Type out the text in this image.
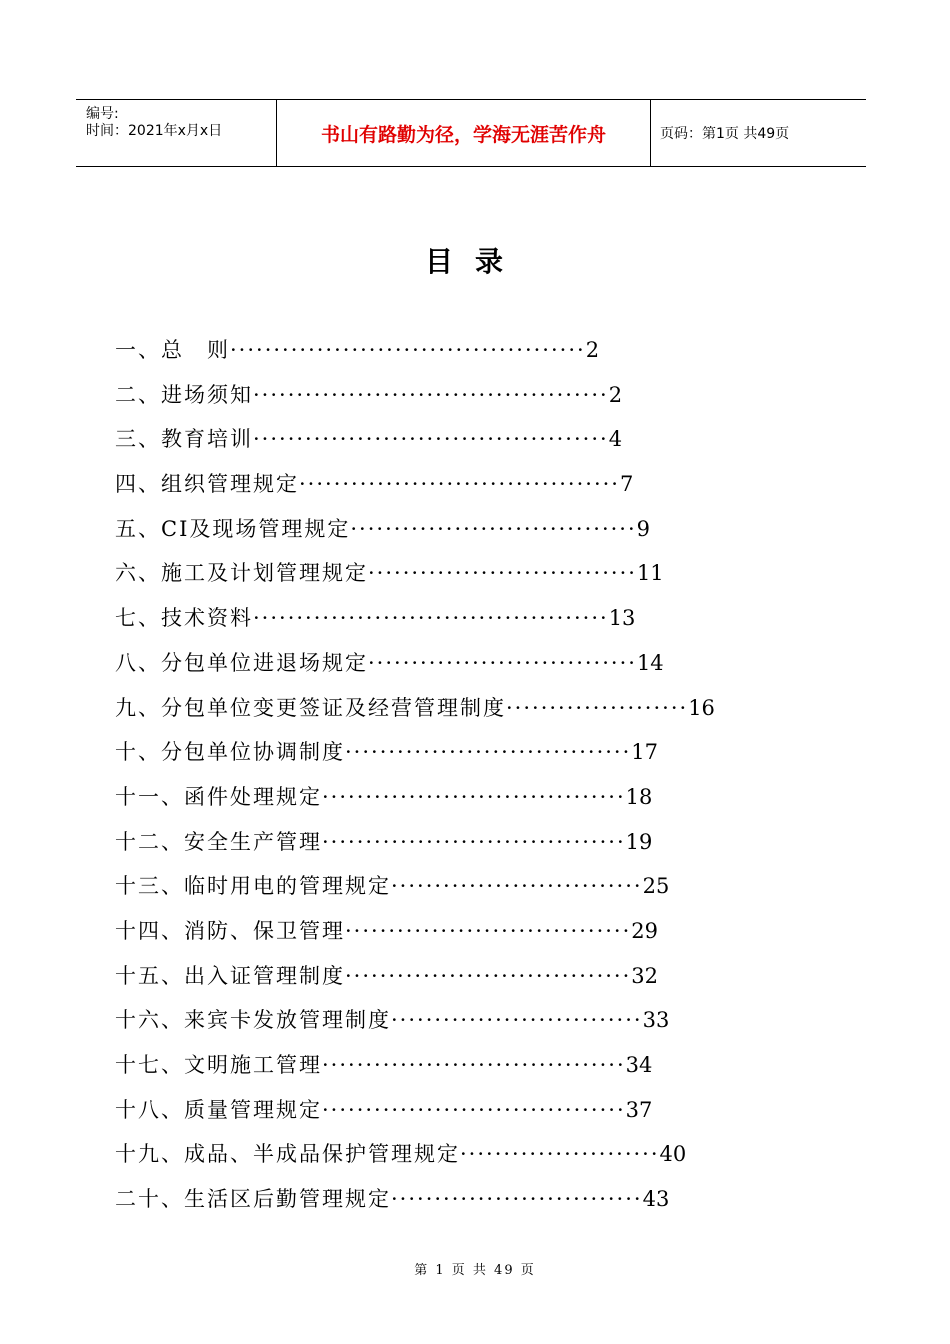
编号:
时间：2021年x月x日	书山有路勤为径，学海无涯苦作舟	页码：第1页 共49页
目录
一、总　则·········································2
二、进场须知·········································2
三、教育培训·········································4
四、组织管理规定·····································7
五、CI及现场管理规定·································9
六、施工及计划管理规定·······························11
七、技术资料·········································13
八、分包单位进退场规定·······························14
九、分包单位变更签证及经营管理制度·····················16
十、分包单位协调制度·································17
十一、函件处理规定···································18
十二、安全生产管理···································19
十三、临时用电的管理规定·····························25
十四、消防、保卫管理·································29
十五、出入证管理制度·································32
十六、来宾卡发放管理制度·····························33
十七、文明施工管理···································34
十八、质量管理规定···································37
十九、成品、半成品保护管理规定·······················40
二十、生活区后勤管理规定·····························43
第 1 页 共 49 页
